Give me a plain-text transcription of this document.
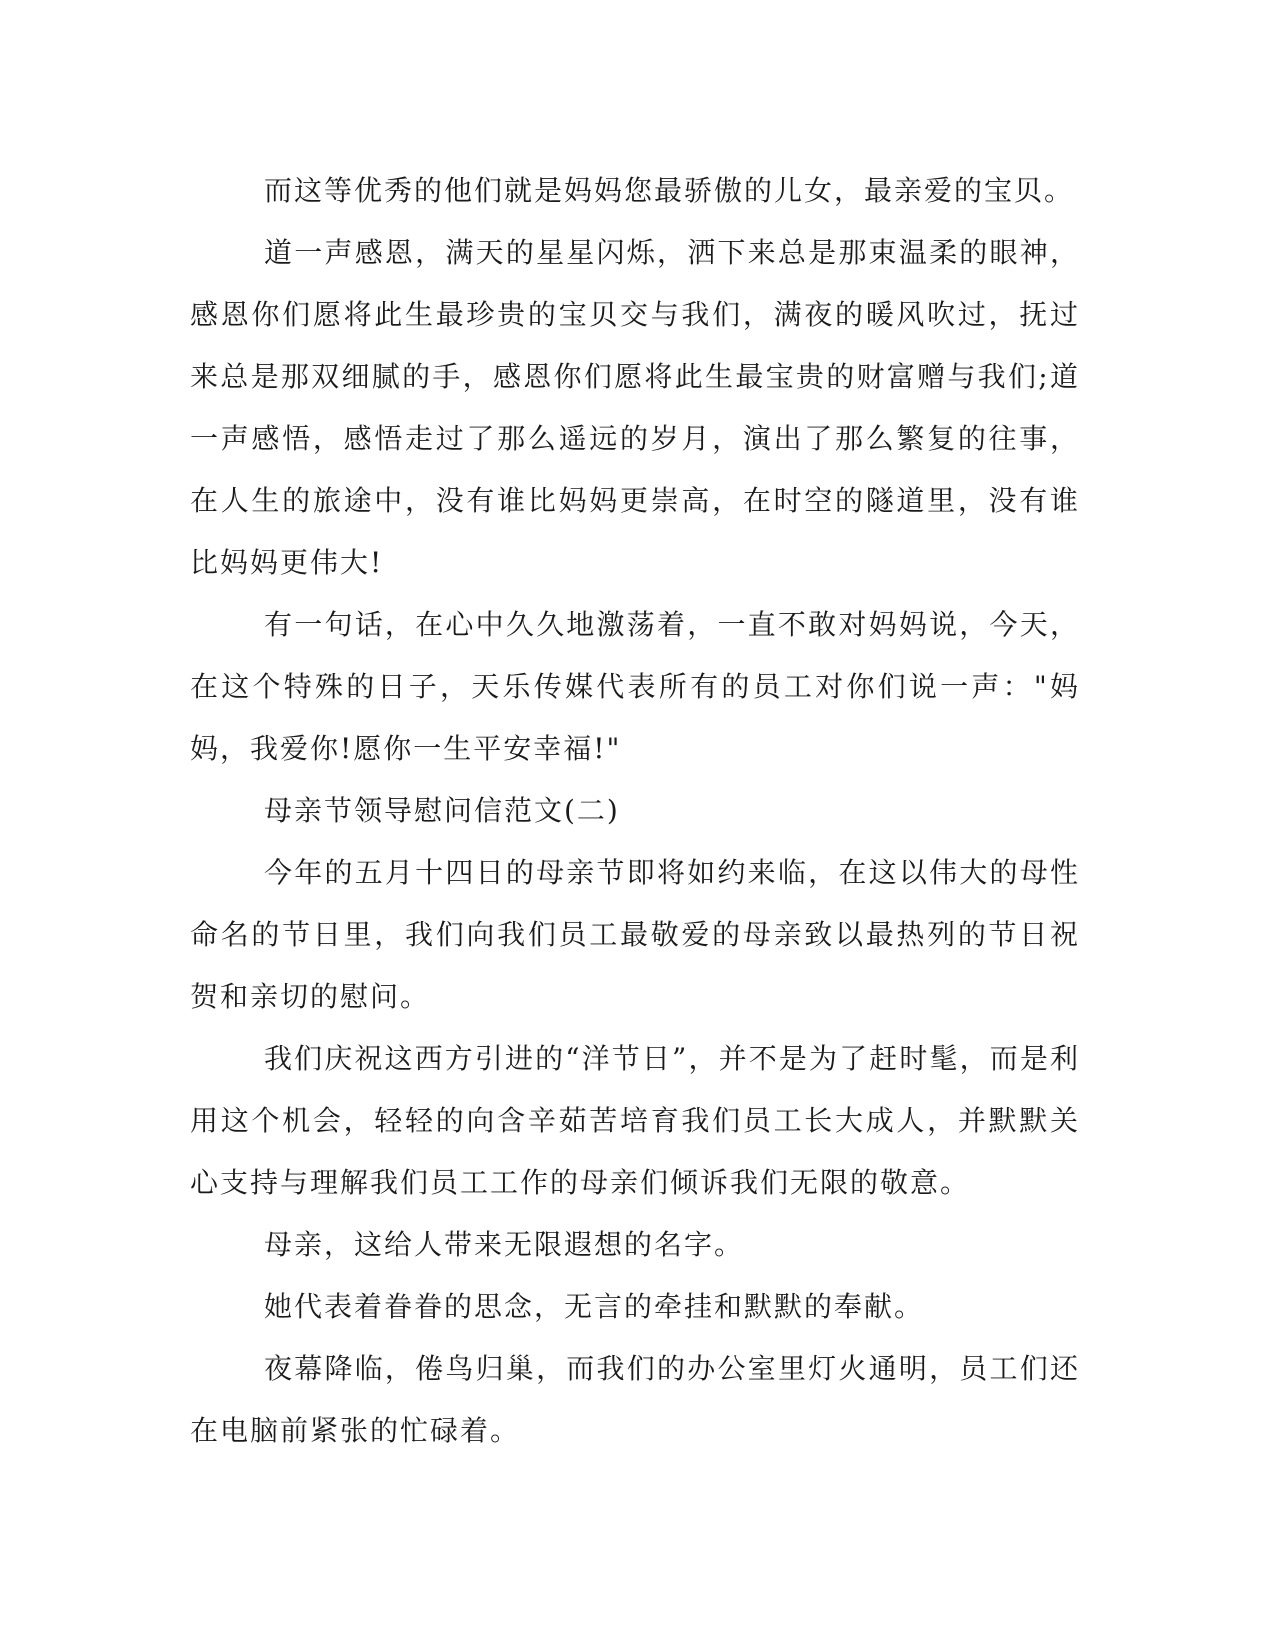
而这等优秀的他们就是妈妈您最骄傲的儿女，最亲爱的宝贝。

道一声感恩，满天的星星闪烁，洒下来总是那束温柔的眼神，感恩你们愿将此生最珍贵的宝贝交与我们，满夜的暖风吹过，抚过来总是那双细腻的手，感恩你们愿将此生最宝贵的财富赠与我们;道一声感悟，感悟走过了那么遥远的岁月，演出了那么繁复的往事，在人生的旅途中，没有谁比妈妈更崇高，在时空的隧道里，没有谁比妈妈更伟大!

有一句话，在心中久久地激荡着，一直不敢对妈妈说，今天，在这个特殊的日子，天乐传媒代表所有的员工对你们说一声："妈妈，我爱你!愿你一生平安幸福!"

母亲节领导慰问信范文(二)

今年的五月十四日的母亲节即将如约来临，在这以伟大的母性命名的节日里，我们向我们员工最敬爱的母亲致以最热列的节日祝贺和亲切的慰问。

我们庆祝这西方引进的“洋节日”，并不是为了赶时髦，而是利用这个机会，轻轻的向含辛茹苦培育我们员工长大成人，并默默关心支持与理解我们员工工作的母亲们倾诉我们无限的敬意。

母亲，这给人带来无限遐想的名字。

她代表着眷眷的思念，无言的牵挂和默默的奉献。

夜幕降临，倦鸟归巢，而我们的办公室里灯火通明，员工们还在电脑前紧张的忙碌着。
